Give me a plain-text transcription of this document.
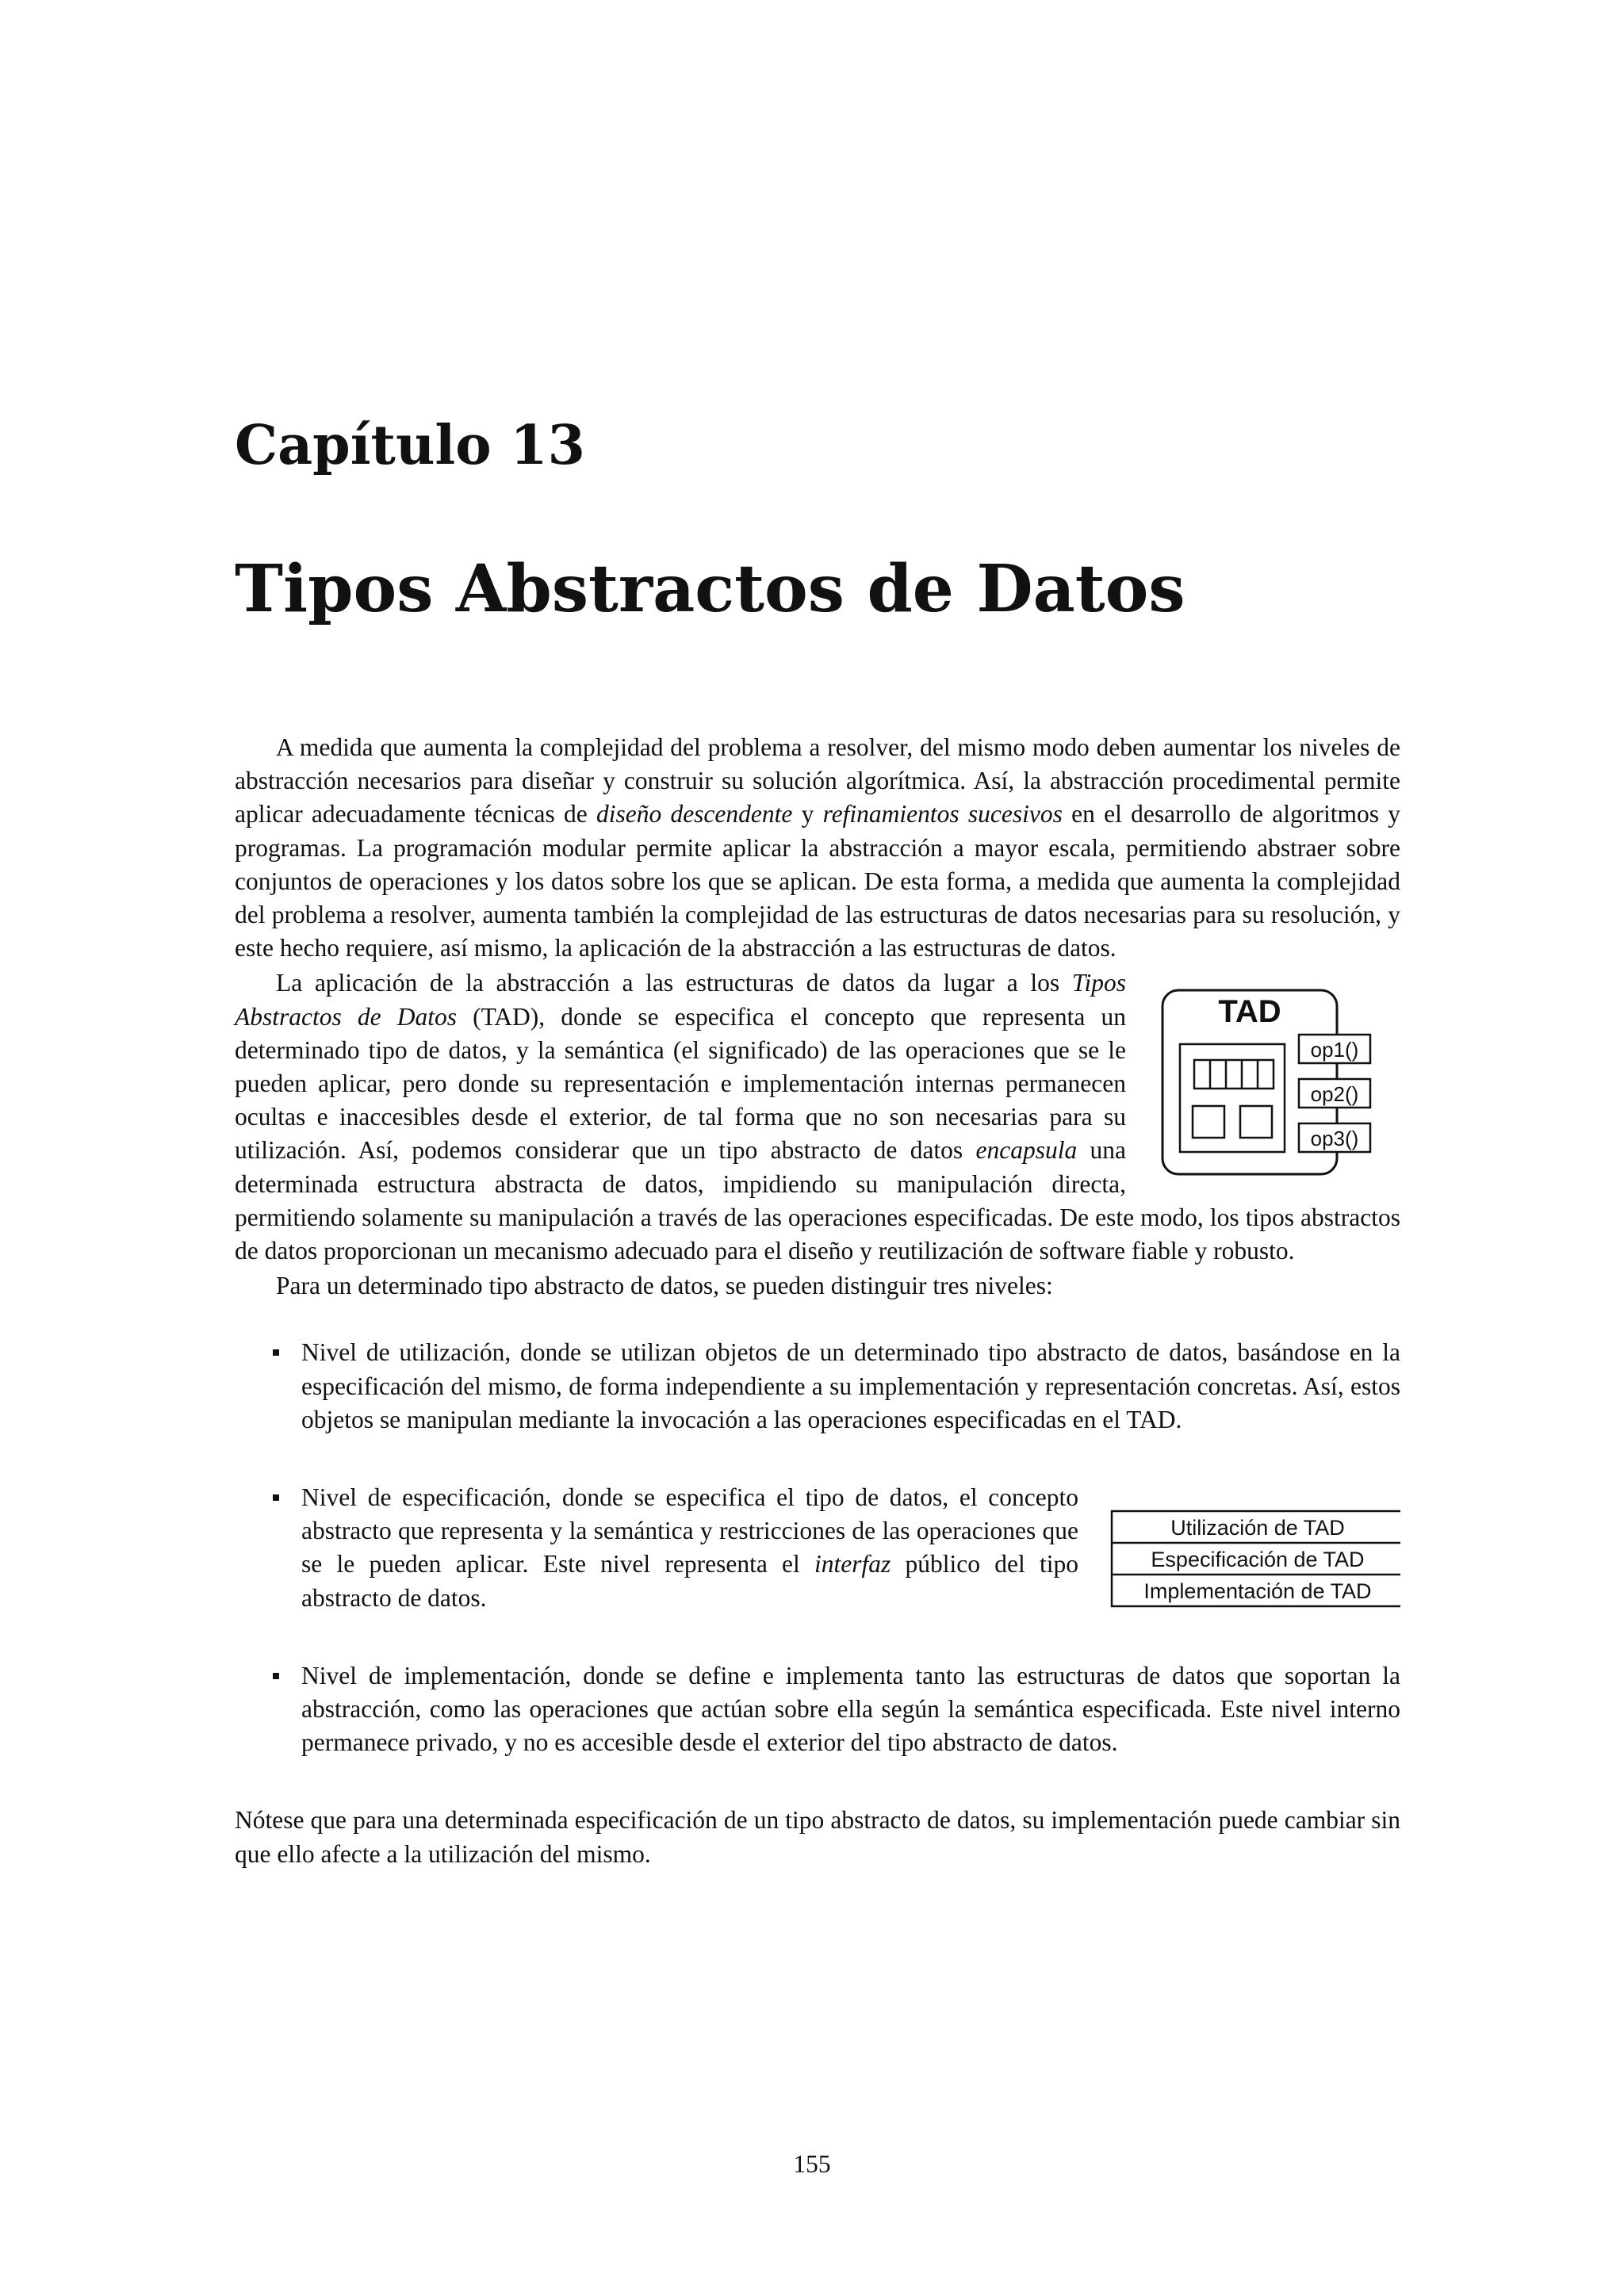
Capítulo 13
Tipos Abstractos de Datos

A medida que aumenta la complejidad del problema a resolver, del mismo modo deben aumentar los niveles de abstracción necesarios para diseñar y construir su solución algorítmica. Así, la abstracción procedimental permite aplicar adecuadamente técnicas de diseño descendente y refinamientos sucesivos en el desarrollo de algoritmos y programas. La programación modular permite aplicar la abstracción a mayor escala, permitiendo abstraer sobre conjuntos de operaciones y los datos sobre los que se aplican. De esta forma, a medida que aumenta la complejidad del problema a resolver, aumenta también la complejidad de las estructuras de datos necesarias para su resolución, y este hecho requiere, así mismo, la aplicación de la abstracción a las estructuras de datos.

TAD
op1()
op2()
op3()
La aplicación de la abstracción a las estructuras de datos da lugar a los Tipos Abstractos de Datos (TAD), donde se especifica el concepto que representa un determinado tipo de datos, y la semántica (el significado) de las operaciones que se le pueden aplicar, pero donde su representación e implementación internas permanecen ocultas e inaccesibles desde el exterior, de tal forma que no son necesarias para su utilización. Así, podemos considerar que un tipo abstracto de datos encapsula una determinada estructura abstracta de datos, impidiendo su manipulación directa, permitiendo solamente su manipulación a través de las operaciones especificadas. De este modo, los tipos abstractos de datos proporcionan un mecanismo adecuado para el diseño y reutilización de software fiable y robusto.

Para un determinado tipo abstracto de datos, se pueden distinguir tres niveles:

Nivel de utilización, donde se utilizan objetos de un determinado tipo abstracto de datos, basándose en la especificación del mismo, de forma independiente a su implementación y representación concretas. Así, estos objetos se manipulan mediante la invocación a las operaciones especificadas en el TAD.
Utilización de TAD
Especificación de TAD
Implementación de TAD
Nivel de especificación, donde se especifica el tipo de datos, el concepto abstracto que representa y la semántica y restricciones de las operaciones que se le pueden aplicar. Este nivel representa el interfaz público del tipo abstracto de datos.
Nivel de implementación, donde se define e implementa tanto las estructuras de datos que soportan la abstracción, como las operaciones que actúan sobre ella según la semántica especificada. Este nivel interno permanece privado, y no es accesible desde el exterior del tipo abstracto de datos.

Nótese que para una determinada especificación de un tipo abstracto de datos, su implementación puede cambiar sin que ello afecte a la utilización del mismo.

155
